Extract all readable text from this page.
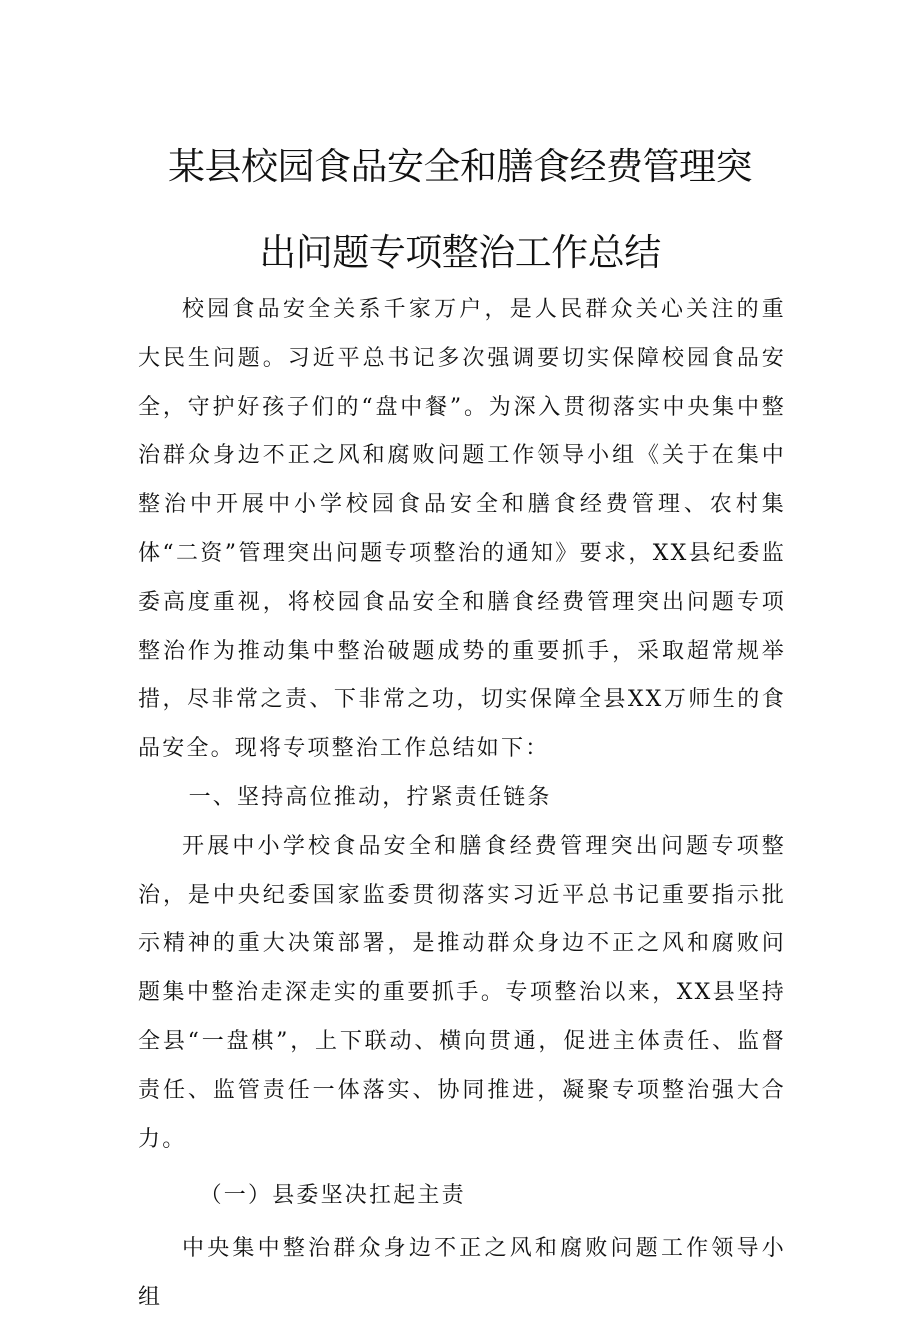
某县校园食品安全和膳食经费管理突
出问题专项整治工作总结

校园食品安全关系千家万户，是人民群众关心关注的重大民生问题。习近平总书记多次强调要切实保障校园食品安全，守护好孩子们的“盘中餐”。为深入贯彻落实中央集中整治群众身边不正之风和腐败问题工作领导小组《关于在集中整治中开展中小学校园食品安全和膳食经费管理、农村集体“二资”管理突出问题专项整治的通知》要求，XX县纪委监委高度重视，将校园食品安全和膳食经费管理突出问题专项整治作为推动集中整治破题成势的重要抓手，采取超常规举措，尽非常之责、下非常之功，切实保障全县XX万师生的食品安全。现将专项整治工作总结如下：

一、坚持高位推动，拧紧责任链条

开展中小学校食品安全和膳食经费管理突出问题专项整治，是中央纪委国家监委贯彻落实习近平总书记重要指示批示精神的重大决策部署，是推动群众身边不正之风和腐败问题集中整治走深走实的重要抓手。专项整治以来，XX县坚持全县“一盘棋”，上下联动、横向贯通，促进主体责任、监督责任、监管责任一体落实、协同推进，凝聚专项整治强大合力。

（一）县委坚决扛起主责

中央集中整治群众身边不正之风和腐败问题工作领导小组
